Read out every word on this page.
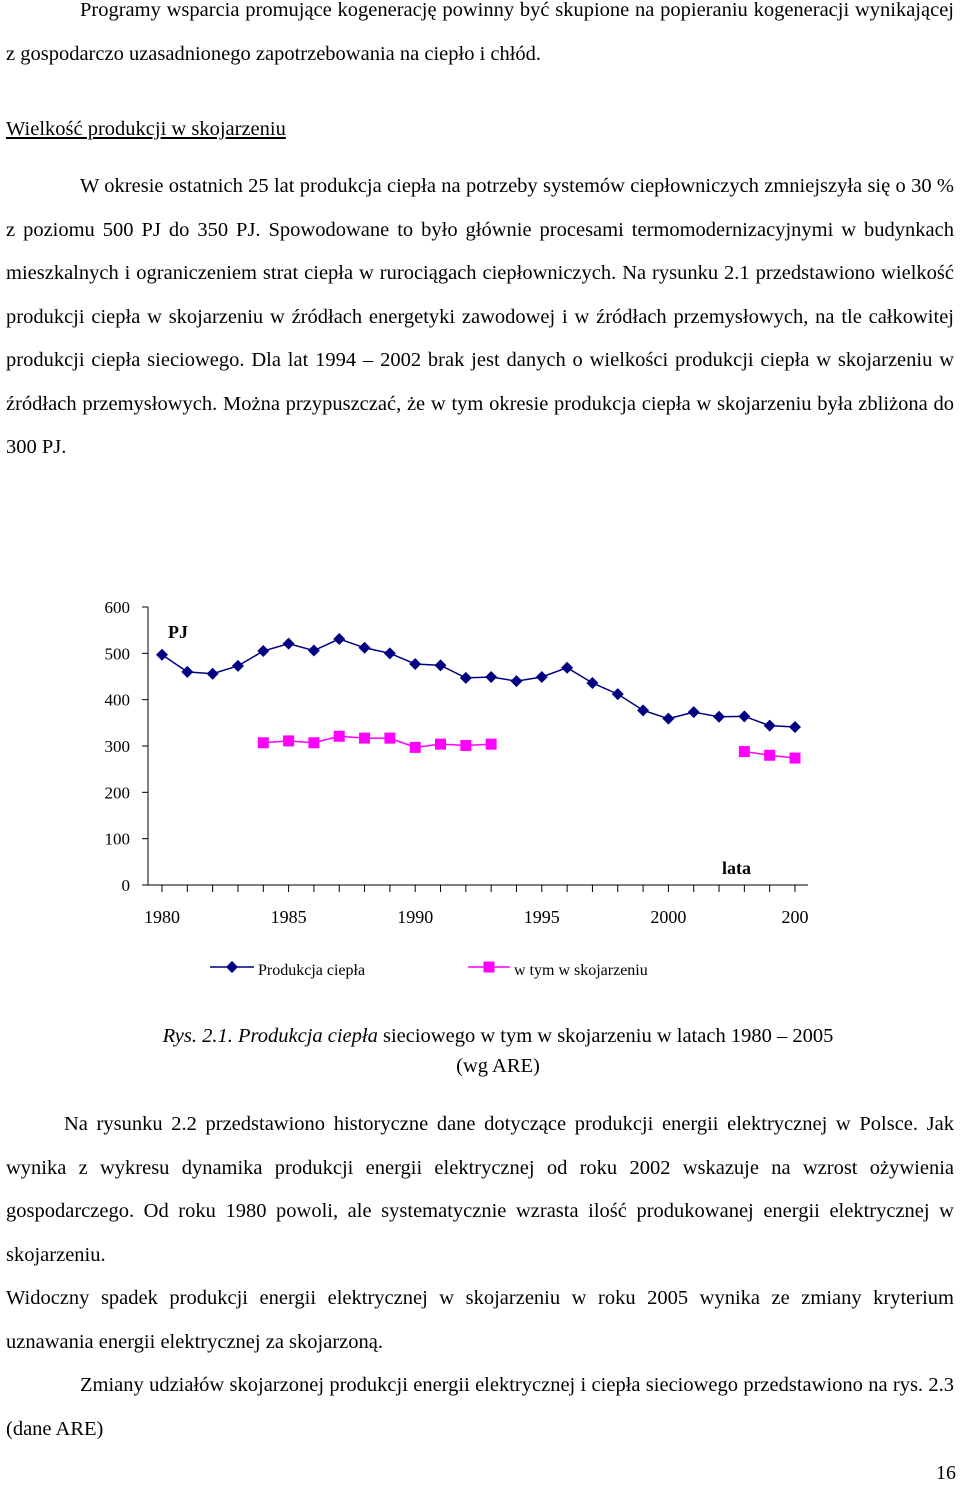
Programy wsparcia promujące kogenerację powinny być skupione na popieraniu kogeneracji wynikającej z gospodarczo uzasadnionego zapotrzebowania na ciepło i chłód.

Wielkość produkcji w skojarzeniu

W okresie ostatnich 25 lat produkcja ciepła na potrzeby systemów ciepłowniczych zmniejszyła się o 30 % z poziomu 500 PJ do 350 PJ. Spowodowane to było głównie procesami termomodernizacyjnymi w budynkach mieszkalnych i ograniczeniem strat ciepła w rurociągach ciepłowniczych. Na rysunku 2.1 przedstawiono wielkość produkcji ciepła w skojarzeniu w źródłach energetyki zawodowej i w źródłach przemysłowych, na tle całkowitej produkcji ciepła sieciowego. Dla lat 1994 – 2002 brak jest danych o wielkości produkcji ciepła w skojarzeniu w źródłach przemysłowych. Można przypuszczać, że w tym okresie produkcja ciepła w skojarzeniu była zbliżona do 300 PJ.

600
500
400
300
200
100
0
1980	1985	1990	1995	2000	200
PJ
lata
Produkcja ciepła	w tym w skojarzeniu

Rys. 2.1. Produkcja ciepła sieciowego w tym w skojarzeniu w latach 1980 – 2005
(wg ARE)

Na rysunku 2.2 przedstawiono historyczne dane dotyczące produkcji energii elektrycznej w Polsce. Jak wynika z wykresu dynamika produkcji energii elektrycznej od roku 2002 wskazuje na wzrost ożywienia gospodarczego. Od roku 1980 powoli, ale systematycznie wzrasta ilość produkowanej energii elektrycznej w skojarzeniu.

Widoczny spadek produkcji energii elektrycznej w skojarzeniu w roku 2005 wynika ze zmiany kryterium uznawania energii elektrycznej za skojarzoną.

Zmiany udziałów skojarzonej produkcji energii elektrycznej i ciepła sieciowego przedstawiono na rys. 2.3 (dane ARE)

16
